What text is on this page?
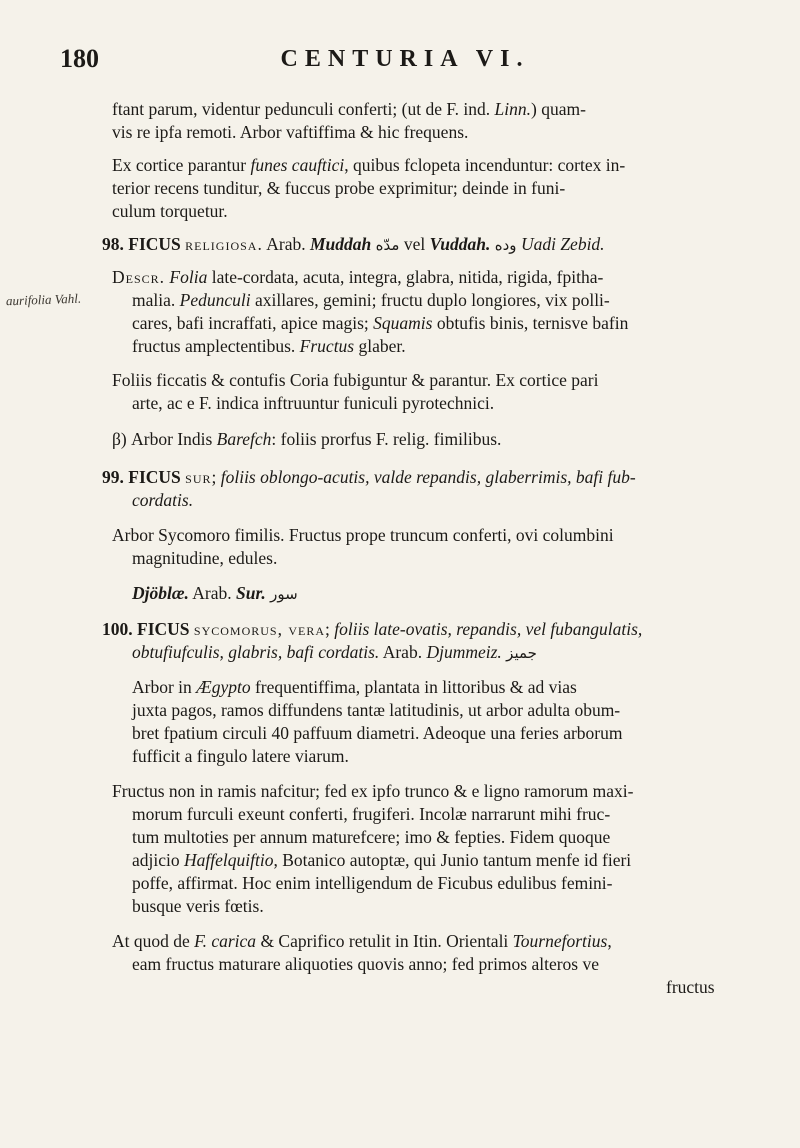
180	CENTURIA VI.
aurifolia Vahl.
ftant parum, videntur pedunculi conferti; (ut de F. ind. Linn.) quam-
vis re ipfa remoti. Arbor vaftiffima & hic frequens.
Ex cortice parantur funes cauftici, quibus fclopeta incenduntur: cortex in-
terior recens tunditur, & fuccus probe exprimitur; deinde in funi-
culum torquetur.
98. FICUS religiosa. Arab. Muddah مدّه vel Vuddah. وده Uadi Zebid.
Descr. Folia late-cordata, acuta, integra, glabra, nitida, rigida, fpitha-
malia. Pedunculi axillares, gemini; fructu duplo longiores, vix polli-
cares, bafi incraffati, apice magis; Squamis obtufis binis, ternisve bafin
fructus amplectentibus. Fructus glaber.
Foliis ficcatis & contufis Coria fubiguntur & parantur. Ex cortice pari
arte, ac e F. indica inftruuntur funiculi pyrotechnici.
β) Arbor Indis Barefch: foliis prorfus F. relig. fimilibus.
99. FICUS sur; foliis oblongo-acutis, valde repandis, glaberrimis, bafi fub-
cordatis.
Arbor Sycomoro fimilis. Fructus prope truncum conferti, ovi columbini
magnitudine, edules.
Djöblæ. Arab. Sur. سور
100. FICUS sycomorus, vera; foliis late-ovatis, repandis, vel fubangulatis,
obtufiufculis, glabris, bafi cordatis. Arab. Djummeiz. جميز
Arbor in Ægypto frequentiffima, plantata in littoribus & ad vias
juxta pagos, ramos diffundens tantæ latitudinis, ut arbor adulta obum-
bret fpatium circuli 40 paffuum diametri. Adeoque una feries arborum
fufficit a fingulo latere viarum.
Fructus non in ramis nafcitur; fed ex ipfo trunco & e ligno ramorum maxi-
morum furculi exeunt conferti, frugiferi. Incolæ narrarunt mihi fruc-
tum multoties per annum maturefcere; imo & fepties. Fidem quoque
adjicio Haffelquiftio, Botanico autoptæ, qui Junio tantum menfe id fieri
poffe, affirmat. Hoc enim intelligendum de Ficubus edulibus femini-
busque veris fœtis.
At quod de F. carica & Caprifico retulit in Itin. Orientali Tournefortius,
eam fructus maturare aliquoties quovis anno; fed primos alteros ve
fructus
